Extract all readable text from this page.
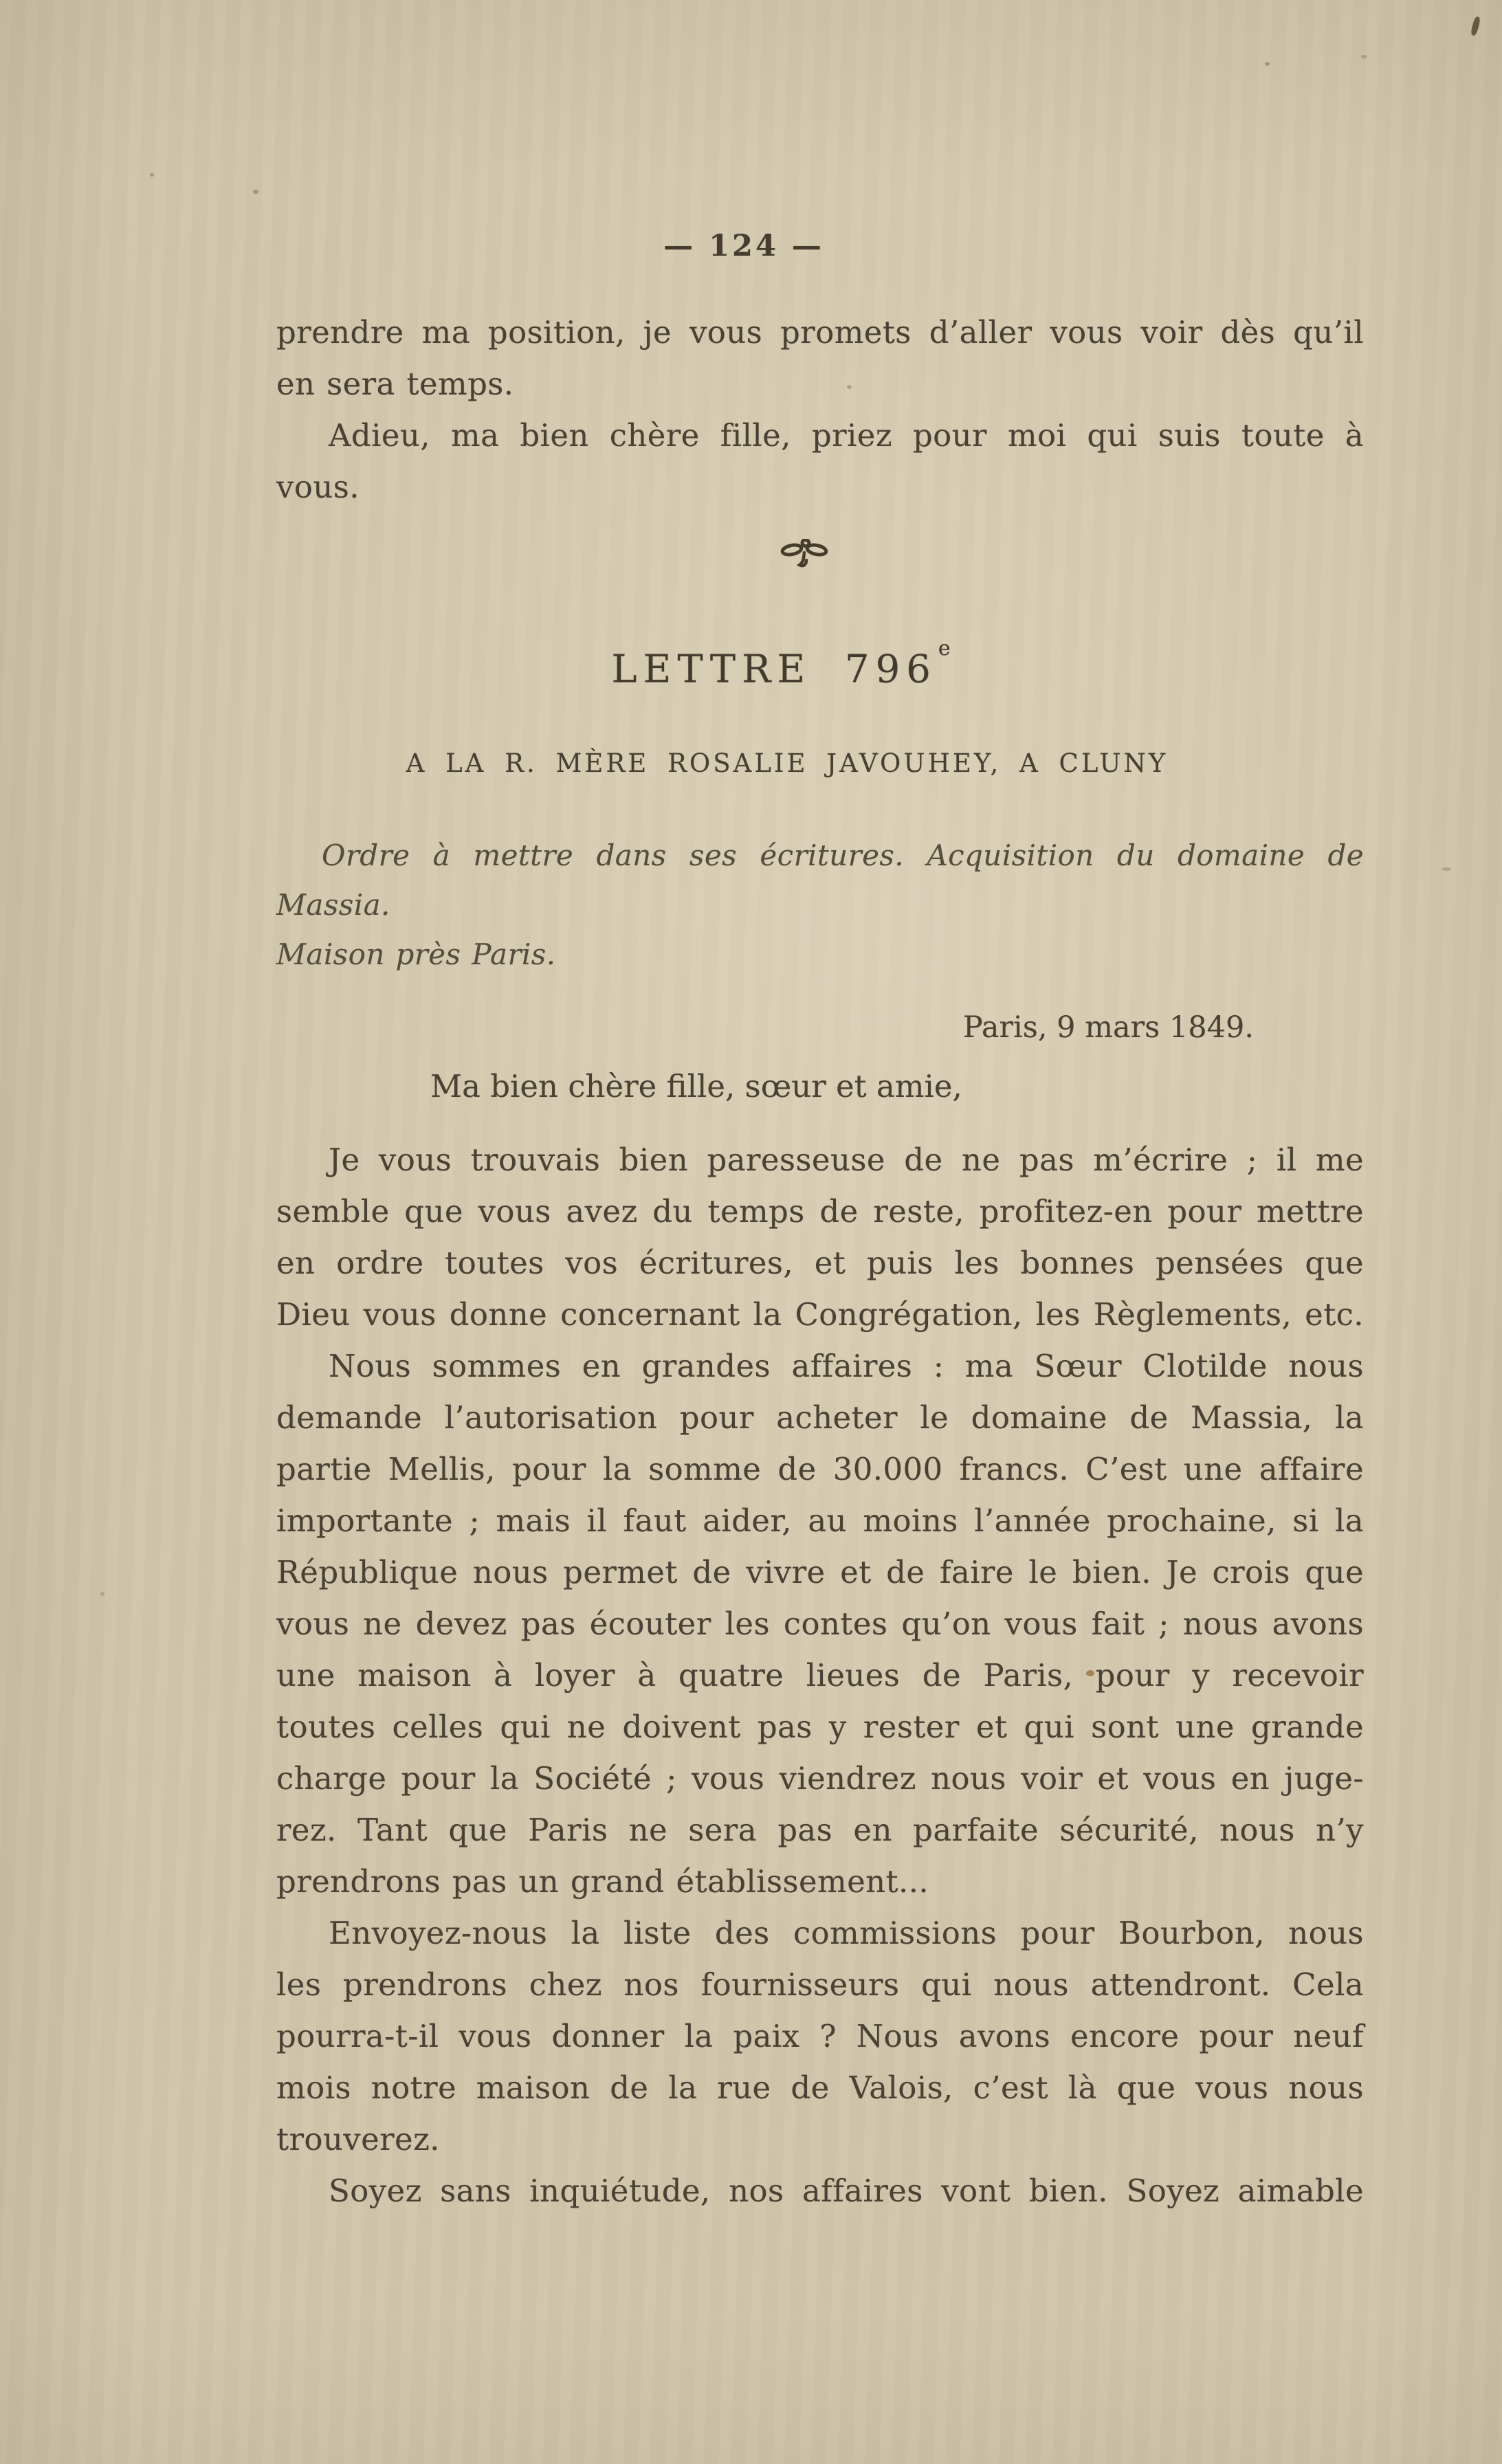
— 124 —
prendre ma position, je vous promets d’aller vous voir dès qu’il
en sera temps.
Adieu, ma bien chère fille, priez pour moi qui suis toute à
vous.
LETTRE 796e
A LA R. MÈRE ROSALIE JAVOUHEY, A CLUNY
Ordre à mettre dans ses écritures. Acquisition du domaine de Massia.
Maison près Paris.
Paris, 9 mars 1849.
Ma bien chère fille, sœur et amie,
Je vous trouvais bien paresseuse de ne pas m’écrire ; il me
semble que vous avez du temps de reste, profitez-en pour mettre
en ordre toutes vos écritures, et puis les bonnes pensées que
Dieu vous donne concernant la Congrégation, les Règlements, etc.
Nous sommes en grandes affaires : ma Sœur Clotilde nous
demande l’autorisation pour acheter le domaine de Massia, la
partie Mellis, pour la somme de 30.000 francs. C’est une affaire
importante ; mais il faut aider, au moins l’année prochaine, si la
République nous permet de vivre et de faire le bien. Je crois que
vous ne devez pas écouter les contes qu’on vous fait ; nous avons
une maison à loyer à quatre lieues de Paris, pour y recevoir
toutes celles qui ne doivent pas y rester et qui sont une grande
charge pour la Société ; vous viendrez nous voir et vous en juge-
rez. Tant que Paris ne sera pas en parfaite sécurité, nous n’y
prendrons pas un grand établissement...
Envoyez-nous la liste des commissions pour Bourbon, nous
les prendrons chez nos fournisseurs qui nous attendront. Cela
pourra-t-il vous donner la paix ? Nous avons encore pour neuf
mois notre maison de la rue de Valois, c’est là que vous nous
trouverez.
Soyez sans inquiétude, nos affaires vont bien. Soyez aimable
